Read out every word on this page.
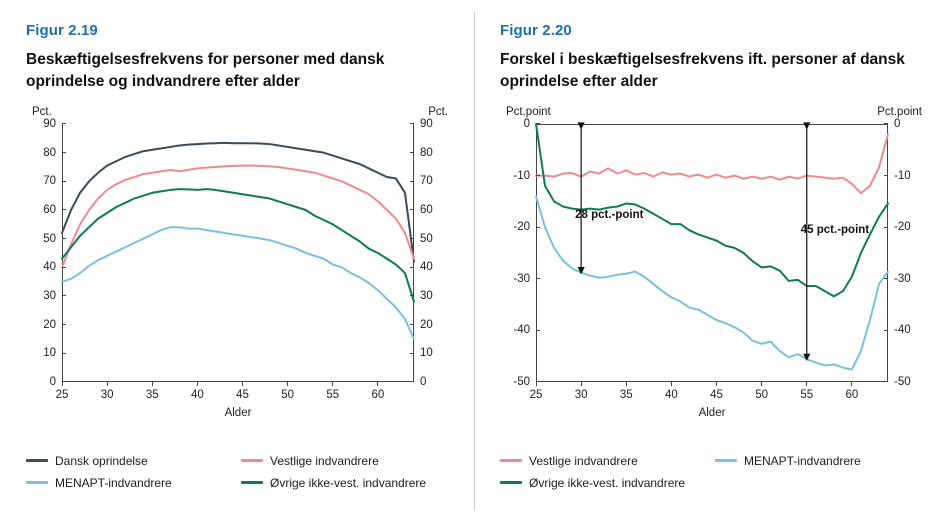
Figur 2.19
Beskæftigelsesfrekvens for personer med dansk oprindelse og indvandrere efter alder
Pct.	Pct.
0	0
10	10
20	20
30	30
40	40
50	50
60	60
70	70
80	80
90	90
25	30	35	40	45	50	55	60
Alder
Dansk oprindelse	Vestlige indvandrere
MENAPT-indvandrere	Øvrige ikke-vest. indvandrere
Figur 2.20
Forskel i beskæftigelsesfrekvens ift. personer af dansk oprindelse efter alder
Pct.point	Pct.point
0	0
-10	-10
-20	-20
-30	-30
-40	-40
-50	-50
25	30	35	40	45	50	55	60
28 pct.-point
45 pct.-point
Alder
Vestlige indvandrere	MENAPT-indvandrere
Øvrige ikke-vest. indvandrere
